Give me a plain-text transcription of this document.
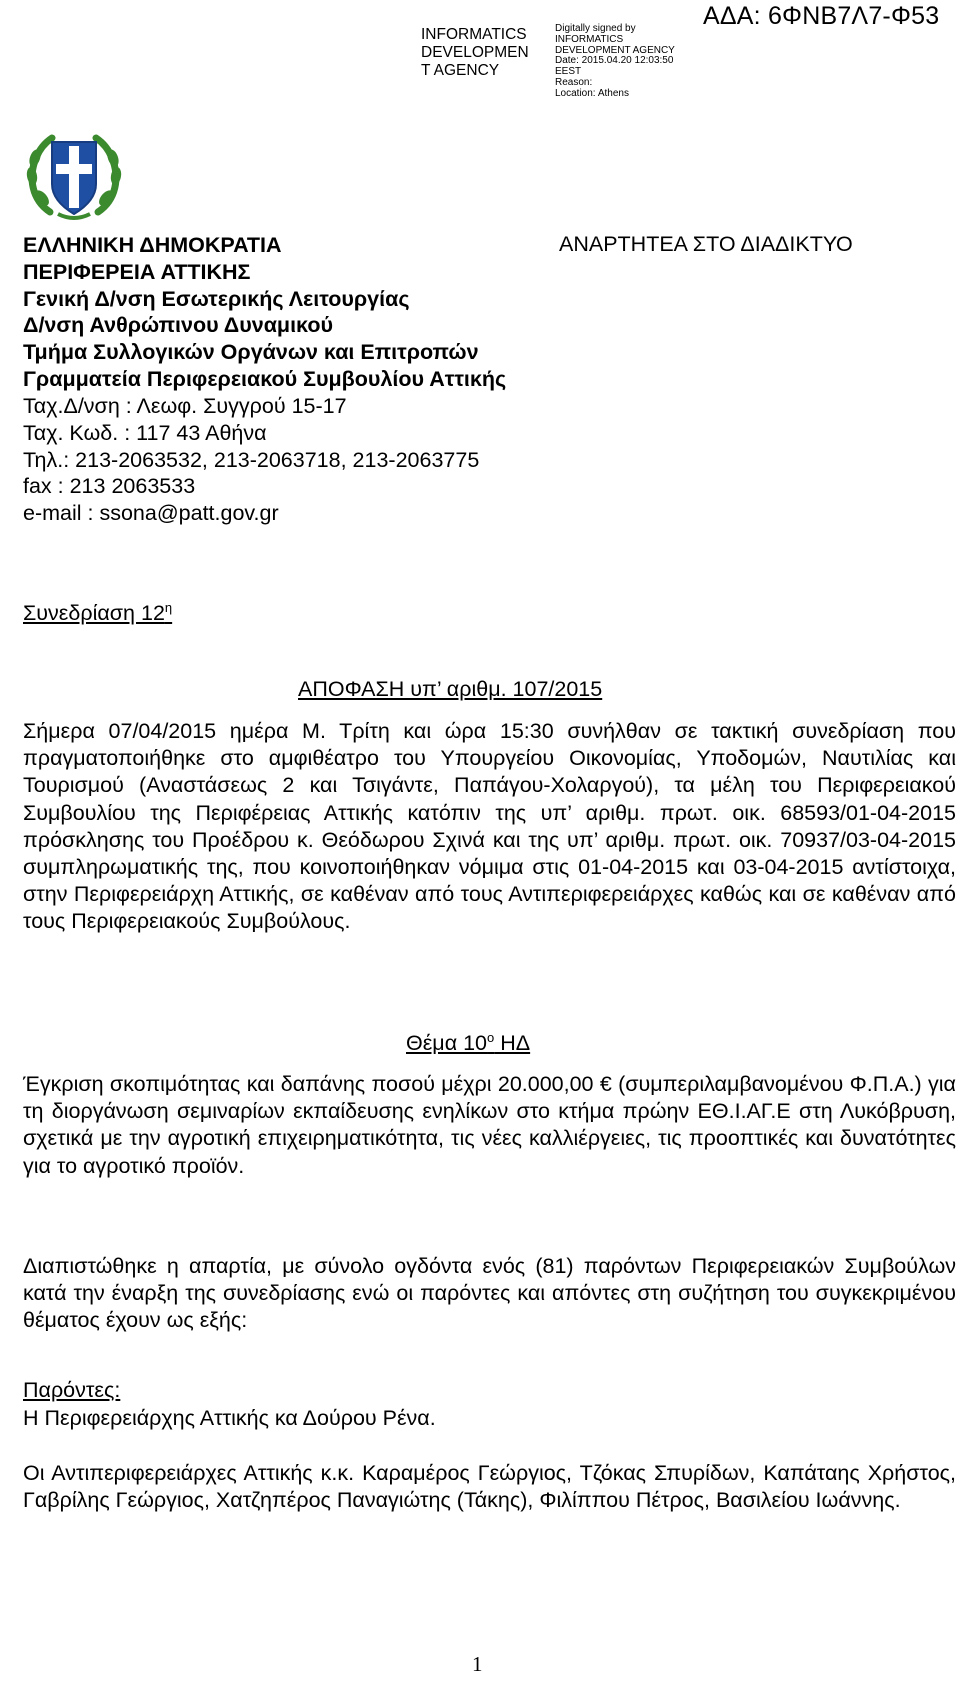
INFORMATICS
DEVELOPMEN
T AGENCY
Digitally signed by
INFORMATICS
DEVELOPMENT AGENCY
Date: 2015.04.20 12:03:50
EEST
Reason:
Location: Athens
ΑΔΑ: 6ΦΝΒ7Λ7-Φ53
ΕΛΛΗΝΙΚΗ ΔΗΜΟΚΡΑΤΙΑ
ΠΕΡΙΦΕΡΕΙΑ ΑΤΤΙΚΗΣ
Γενική Δ/νση Εσωτερικής Λειτουργίας
Δ/νση Ανθρώπινου Δυναμικού
Τμήμα Συλλογικών Οργάνων και Επιτροπών
Γραμματεία Περιφερειακού Συμβουλίου Αττικής
Ταχ.Δ/νση : Λεωφ. Συγγρού 15-17
Ταχ. Κωδ. : 117 43 Αθήνα
Τηλ.: 213-2063532, 213-2063718, 213-2063775
fax : 213 2063533
e-mail : ssona@patt.gov.gr
ΑΝΑΡΤΗΤΕΑ ΣΤΟ ΔΙΑΔΙΚΤΥΟ
Συνεδρίαση $12^\eta$
ΑΠΟΦΑΣΗ υπ’ αριθμ. 107/2015
Σήμερα 07/04/2015 ημέρα Μ. Τρίτη και ώρα 15:30 συνήλθαν σε τακτική συνεδρίαση που πραγματοποιήθηκε στο αμφιθέατρο του Υπουργείου Οικονομίας, Υποδομών, Ναυτιλίας και Τουρισμού (Αναστάσεως 2 και Τσιγάντε, Παπάγου-Χολαργού), τα μέλη του Περιφερειακού Συμβουλίου της Περιφέρειας Αττικής κατόπιν της υπ’ αριθμ. πρωτ. οικ. 68593/01-04-2015 πρόσκλησης του Προέδρου κ. Θεόδωρου Σχινά και της υπ’ αριθμ. πρωτ. οικ. 70937/03-04-2015 συμπληρωματικής της, που κοινοποιήθηκαν νόμιμα στις 01-04-2015 και 03-04-2015 αντίστοιχα, στην Περιφερειάρχη Αττικής, σε καθέναν από τους Αντιπεριφερειάρχες καθώς και σε καθέναν από τους Περιφερειακούς Συμβούλους.
Θέμα $10^o$ ΗΔ
Έγκριση σκοπιμότητας και δαπάνης ποσού μέχρι 20.000,00 € (συμπεριλαμβανομένου Φ.Π.Α.) για τη διοργάνωση σεμιναρίων εκπαίδευσης ενηλίκων στο κτήμα πρώην ΕΘ.Ι.ΑΓ.Ε στη Λυκόβρυση, σχετικά με την αγροτική επιχειρηματικότητα, τις νέες καλλιέργειες, τις προοπτικές και δυνατότητες για το αγροτικό προϊόν.
Διαπιστώθηκε η απαρτία, με σύνολο ογδόντα ενός (81) παρόντων Περιφερειακών Συμβούλων κατά την έναρξη της συνεδρίασης ενώ οι παρόντες και απόντες στη συζήτηση του συγκεκριμένου θέματος έχουν ως εξής:
Παρόντες:
Η Περιφερειάρχης Αττικής κα Δούρου Ρένα.
Οι Αντιπεριφερειάρχες Αττικής κ.κ. Καραμέρος Γεώργιος, Τζόκας Σπυρίδων, Καπάταης Χρήστος, Γαβρίλης Γεώργιος, Χατζηπέρος Παναγιώτης (Τάκης), Φιλίππου Πέτρος, Βασιλείου Ιωάννης.
1
